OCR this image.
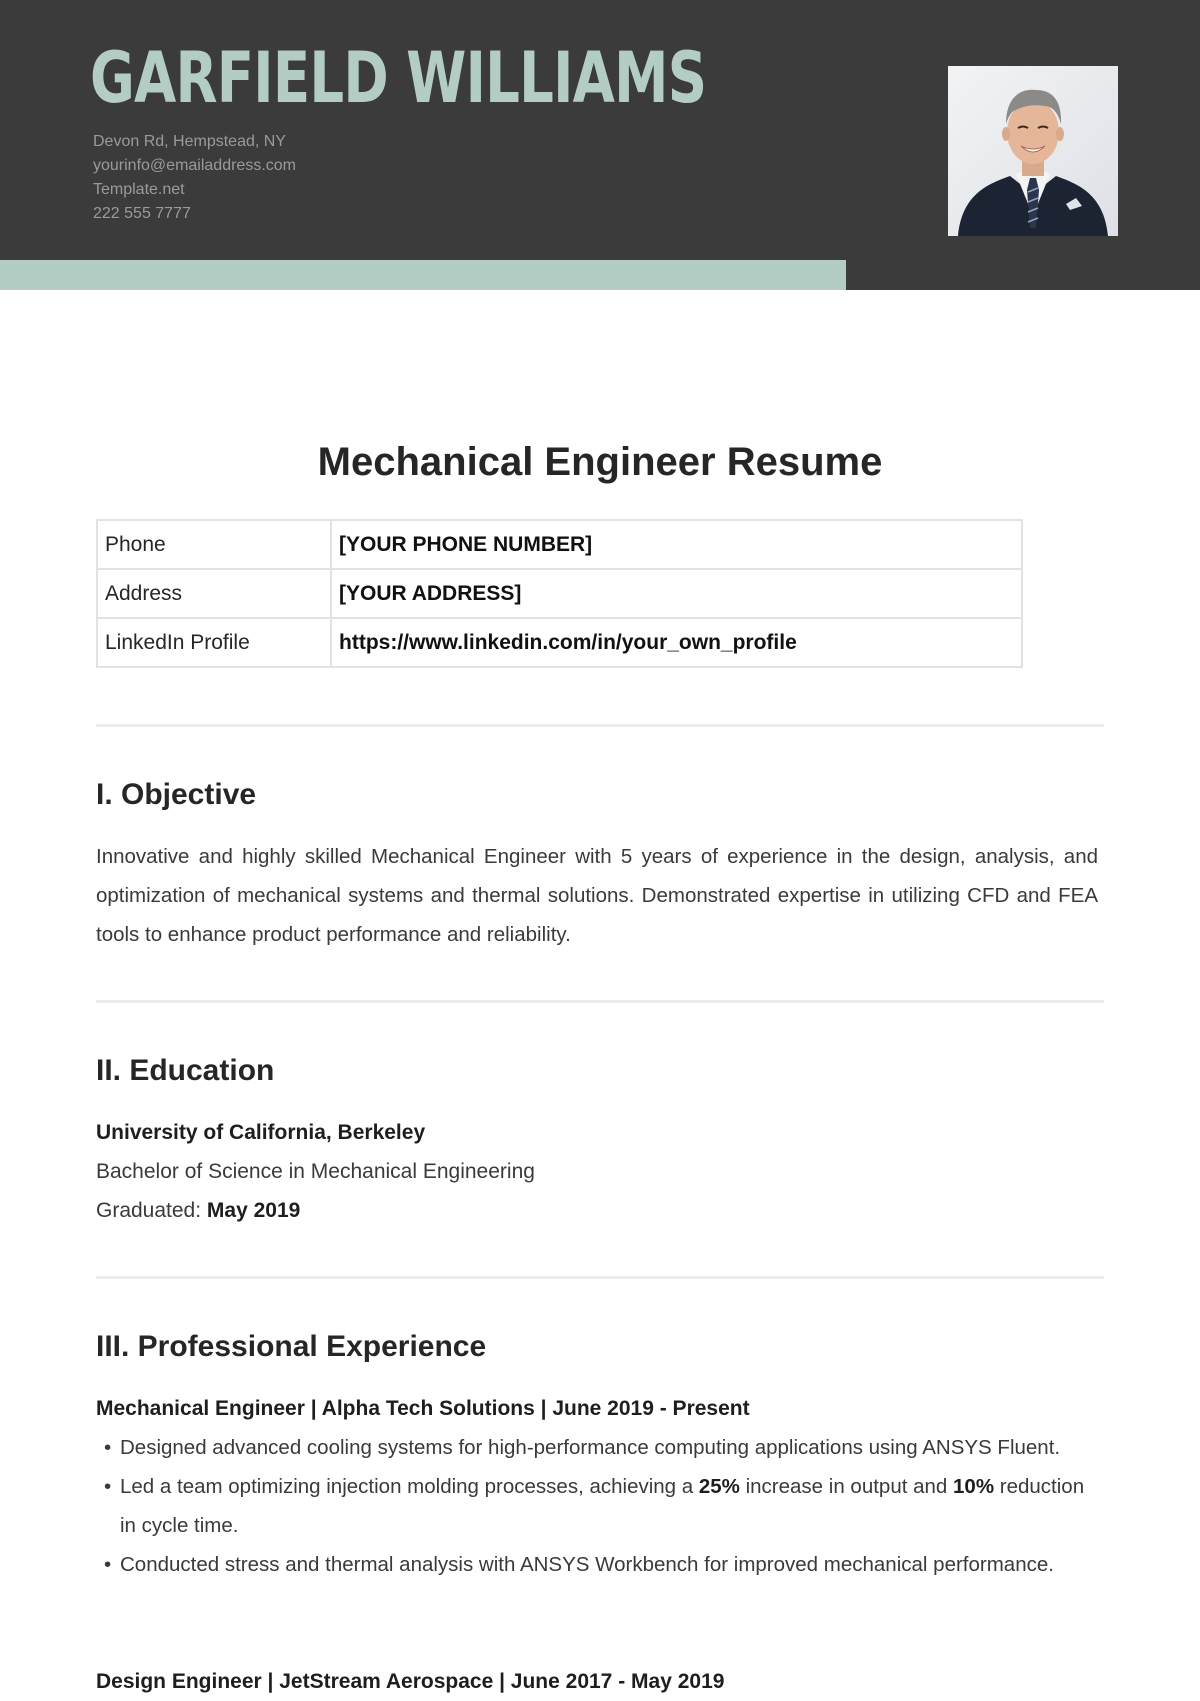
GARFIELD WILLIAMS
Devon Rd, Hempstead, NY
yourinfo@emailaddress.com
Template.net
222 555 7777
Mechanical Engineer Resume
Phone	[YOUR PHONE NUMBER]
Address	[YOUR ADDRESS]
LinkedIn Profile	https://www.linkedin.com/in/your_own_profile
I. Objective

Innovative and highly skilled Mechanical Engineer with 5 years of experience in the design, analysis, and optimization of mechanical systems and thermal solutions. Demonstrated expertise in utilizing CFD and FEA tools to enhance product performance and reliability.

II. Education
University of California, Berkeley
Bachelor of Science in Mechanical Engineering
Graduated: May 2019
III. Professional Experience
Mechanical Engineer | Alpha Tech Solutions | June 2019 - Present
• Designed advanced cooling systems for high-performance computing applications using ANSYS Fluent.
• Led a team optimizing injection molding processes, achieving a 25% increase in output and 10% reduction in cycle time.
• Conducted stress and thermal analysis with ANSYS Workbench for improved mechanical performance.
Design Engineer | JetStream Aerospace | June 2017 - May 2019
